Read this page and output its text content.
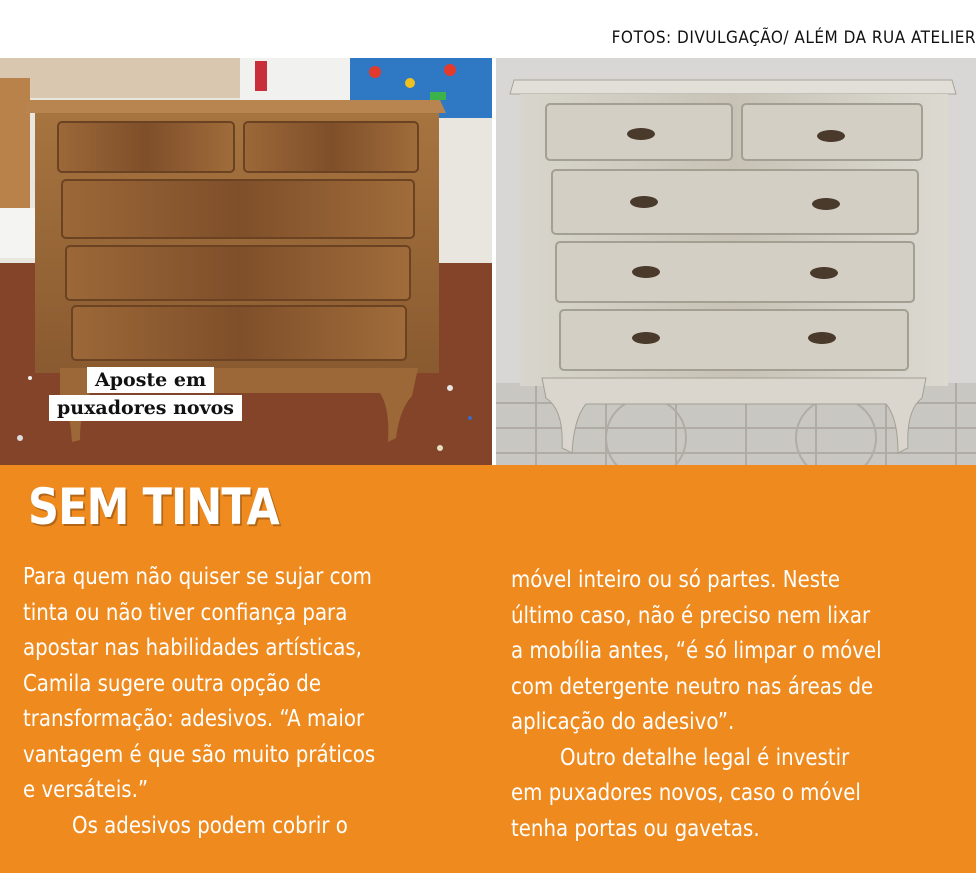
FOTOS: DIVULGAÇÃO/ ALÉM DA RUA ATELIER
Aposte em puxadores novos
SEM TINTA

Para quem não quiser se sujar com

tinta ou não tiver confiança para

apostar nas habilidades artísticas,

Camila sugere outra opção de

transformação: adesivos. “A maior

vantagem é que são muito práticos

e versáteis.”

Os adesivos podem cobrir o

móvel inteiro ou só partes. Neste

último caso, não é preciso nem lixar

a mobília antes, “é só limpar o móvel

com detergente neutro nas áreas de

aplicação do adesivo”.

Outro detalhe legal é investir

em puxadores novos, caso o móvel

tenha portas ou gavetas.
